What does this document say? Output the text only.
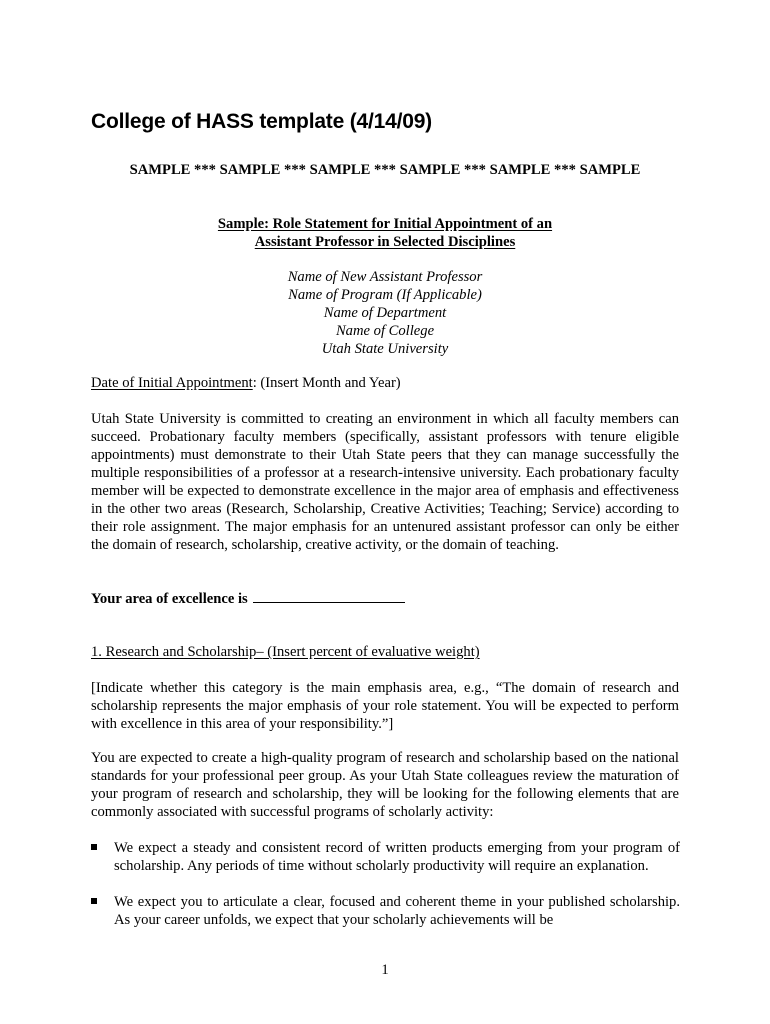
College of HASS template (4/14/09)
SAMPLE *** SAMPLE *** SAMPLE *** SAMPLE *** SAMPLE *** SAMPLE
Sample: Role Statement for Initial Appointment of an
Assistant Professor in Selected Disciplines
Name of New Assistant Professor
Name of Program (If Applicable)
Name of Department
Name of College
Utah State University

Date of Initial Appointment: (Insert Month and Year)

Utah State University is committed to creating an environment in which all faculty members can succeed. Probationary faculty members (specifically, assistant professors with tenure eligible appointments) must demonstrate to their Utah State peers that they can manage successfully the multiple responsibilities of a professor at a research-intensive university. Each probationary faculty member will be expected to demonstrate excellence in the major area of emphasis and effectiveness in the other two areas (Research, Scholarship, Creative Activities; Teaching; Service) according to their role assignment. The major emphasis for an untenured assistant professor can only be either the domain of research, scholarship, creative activity, or the domain of teaching.

Your area of excellence is

1. Research and Scholarship– (Insert percent of evaluative weight)

[Indicate whether this category is the main emphasis area, e.g., “The domain of research and scholarship represents the major emphasis of your role statement. You will be expected to perform with excellence in this area of your responsibility.”]

You are expected to create a high-quality program of research and scholarship based on the national standards for your professional peer group. As your Utah State colleagues review the maturation of your program of research and scholarship, they will be looking for the following elements that are commonly associated with successful programs of scholarly activity:

We expect a steady and consistent record of written products emerging from your program of scholarship. Any periods of time without scholarly productivity will require an explanation.

We expect you to articulate a clear, focused and coherent theme in your published scholarship. As your career unfolds, we expect that your scholarly achievements will be

1
